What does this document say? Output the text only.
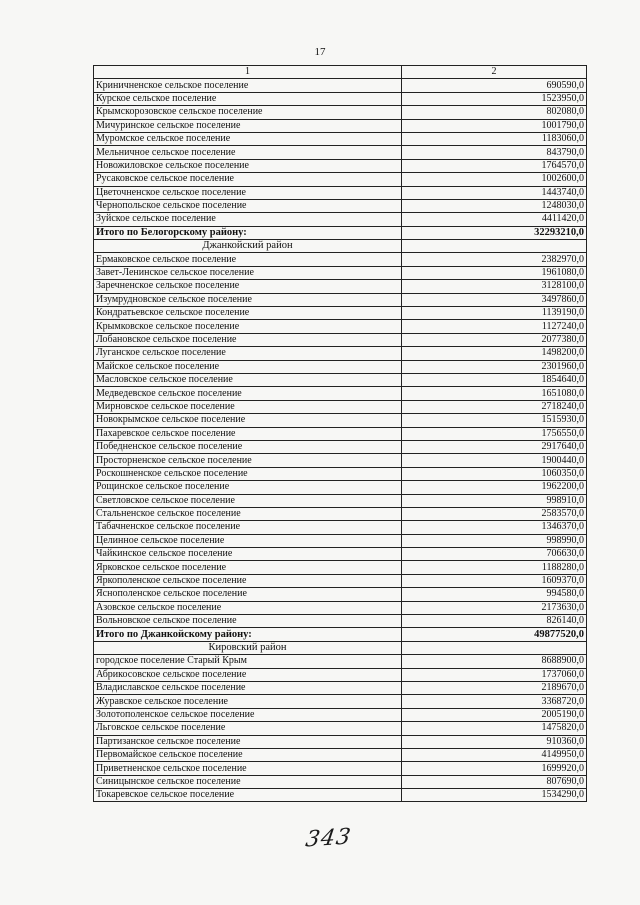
17
1	2
Криничненское сельское поселение	690590,0
Курское сельское поселение	1523950,0
Крымскорозовское сельское поселение	802080,0
Мичуринское сельское поселение	1001790,0
Муромское сельское поселение	1183060,0
Мельничное сельское поселение	843790,0
Новожиловское сельское поселение	1764570,0
Русаковское сельское поселение	1002600,0
Цветочненское сельское поселение	1443740,0
Чернопольское сельское поселение	1248030,0
Зуйское сельское поселение	4411420,0
Итого по Белогорскому району:	32293210,0
Джанкойский район	
Ермаковское сельское поселение	2382970,0
Завет-Ленинское сельское поселение	1961080,0
Заречненское сельское поселение	3128100,0
Изумрудновское сельское поселение	3497860,0
Кондратьевское сельское поселение	1139190,0
Крымковское сельское поселение	1127240,0
Лобановское сельское поселение	2077380,0
Луганское сельское поселение	1498200,0
Майское сельское поселение	2301960,0
Масловское сельское поселение	1854640,0
Медведевское сельское поселение	1651080,0
Мирновское сельское поселение	2718240,0
Новокрымское сельское поселение	1515930,0
Пахаревское сельское поселение	1756550,0
Победненское сельское поселение	2917640,0
Просторненское сельское поселение	1900440,0
Роскошненское сельское поселение	1060350,0
Рощинское сельское поселение	1962200,0
Светловское сельское поселение	998910,0
Стальненское сельское поселение	2583570,0
Табачненское сельское поселение	1346370,0
Целинное сельское поселение	998990,0
Чайкинское сельское поселение	706630,0
Ярковское сельское поселение	1188280,0
Яркополенское сельское поселение	1609370,0
Яснополенское сельское поселение	994580,0
Азовское сельское поселение	2173630,0
Вольновское сельское поселение	826140,0
Итого по Джанкойскому району:	49877520,0
Кировский район	
городское поселение Старый Крым	8688900,0
Абрикосовское сельское поселение	1737060,0
Владиславское сельское поселение	2189670,0
Журавское сельское поселение	3368720,0
Золотополенское сельское поселение	2005190,0
Льговское сельское поселение	1475820,0
Партизанское сельское поселение	910360,0
Первомайское сельское поселение	4149950,0
Приветненское сельское поселение	1699920,0
Синицынское сельское поселение	807690,0
Токаревское сельское поселение	1534290,0
343
